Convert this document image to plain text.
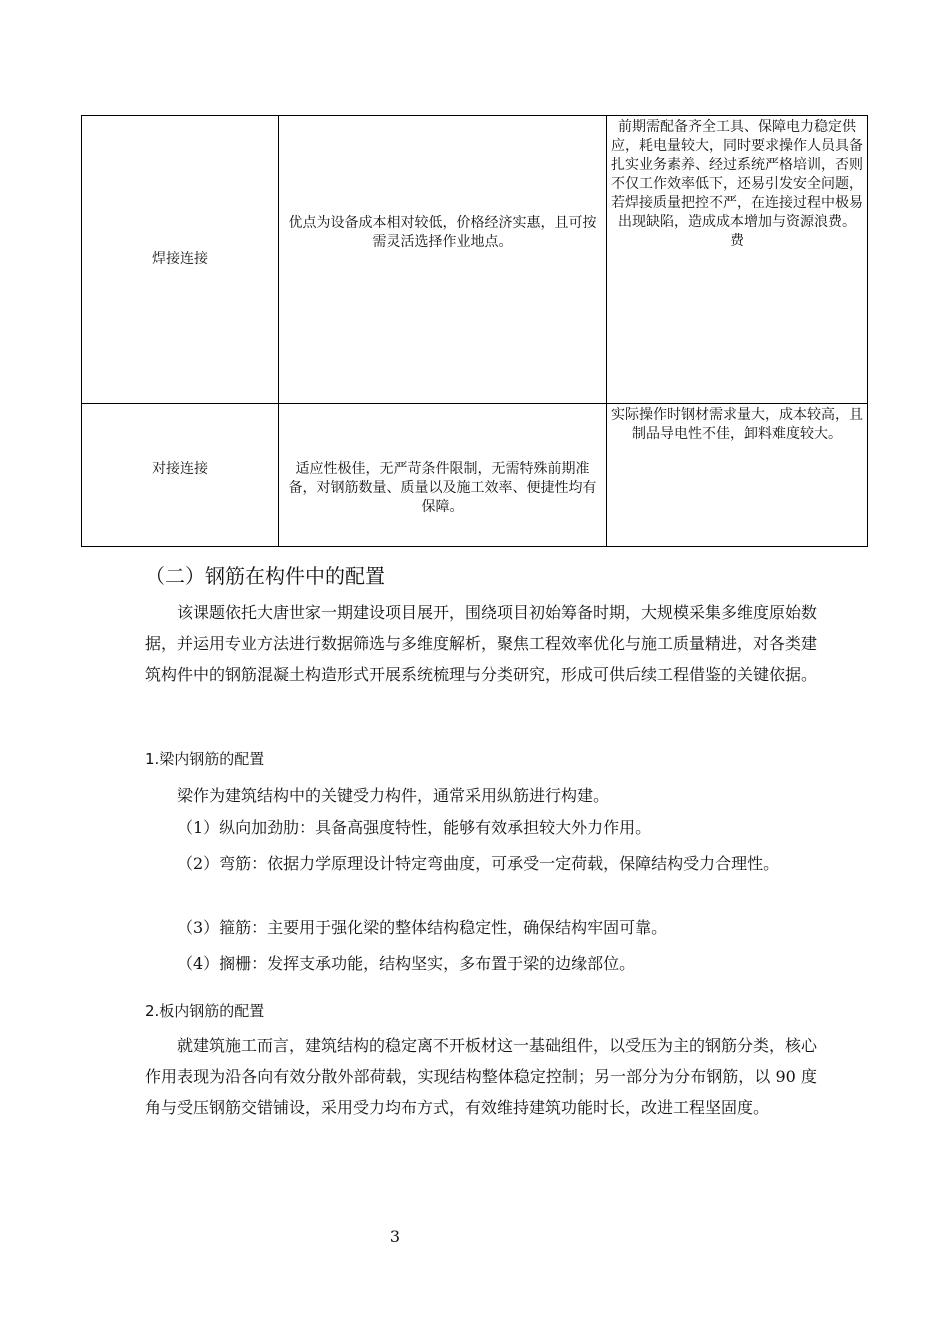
焊接连接
优点为设备成本相对较低，价格经济实惠，且可按需灵活选择作业地点。
前期需配备齐全工具、保障电力稳定供应，耗电量较大，同时要求操作人员具备扎实业务素养、经过系统严格培训，否则不仅工作效率低下，还易引发安全问题，若焊接质量把控不严，在连接过程中极易出现缺陷，造成成本增加与资源浪费。
费
对接连接	适应性极佳，无严苛条件限制，无需特殊前期准备，对钢筋数量、质量以及施工效率、便捷性均有保障。
实际操作时钢材需求量大，成本较高，且制品导电性不佳，卸料难度较大。
（二）钢筋在构件中的配置
该课题依托大唐世家一期建设项目展开，围绕项目初始筹备时期，大规模采集多维度原始数据，并运用专业方法进行数据筛选与多维度解析，聚焦工程效率优化与施工质量精进，对各类建筑构件中的钢筋混凝土构造形式开展系统梳理与分类研究，形成可供后续工程借鉴的关键依据。
1.梁内钢筋的配置
梁作为建筑结构中的关键受力构件，通常采用纵筋进行构建。
（1）纵向加劲肋：具备高强度特性，能够有效承担较大外力作用。
（2）弯筋：依据力学原理设计特定弯曲度，可承受一定荷载，保障结构受力合理性。
（3）箍筋：主要用于强化梁的整体结构稳定性，确保结构牢固可靠。
（4）搁栅：发挥支承功能，结构坚实，多布置于梁的边缘部位。
2.板内钢筋的配置
就建筑施工而言，建筑结构的稳定离不开板材这一基础组件，以受压为主的钢筋分类，核心作用表现为沿各向有效分散外部荷载，实现结构整体稳定控制；另一部分为分布钢筋，以 90 度角与受压钢筋交错铺设，采用受力均布方式，有效维持建筑功能时长，改进工程坚固度。
3
